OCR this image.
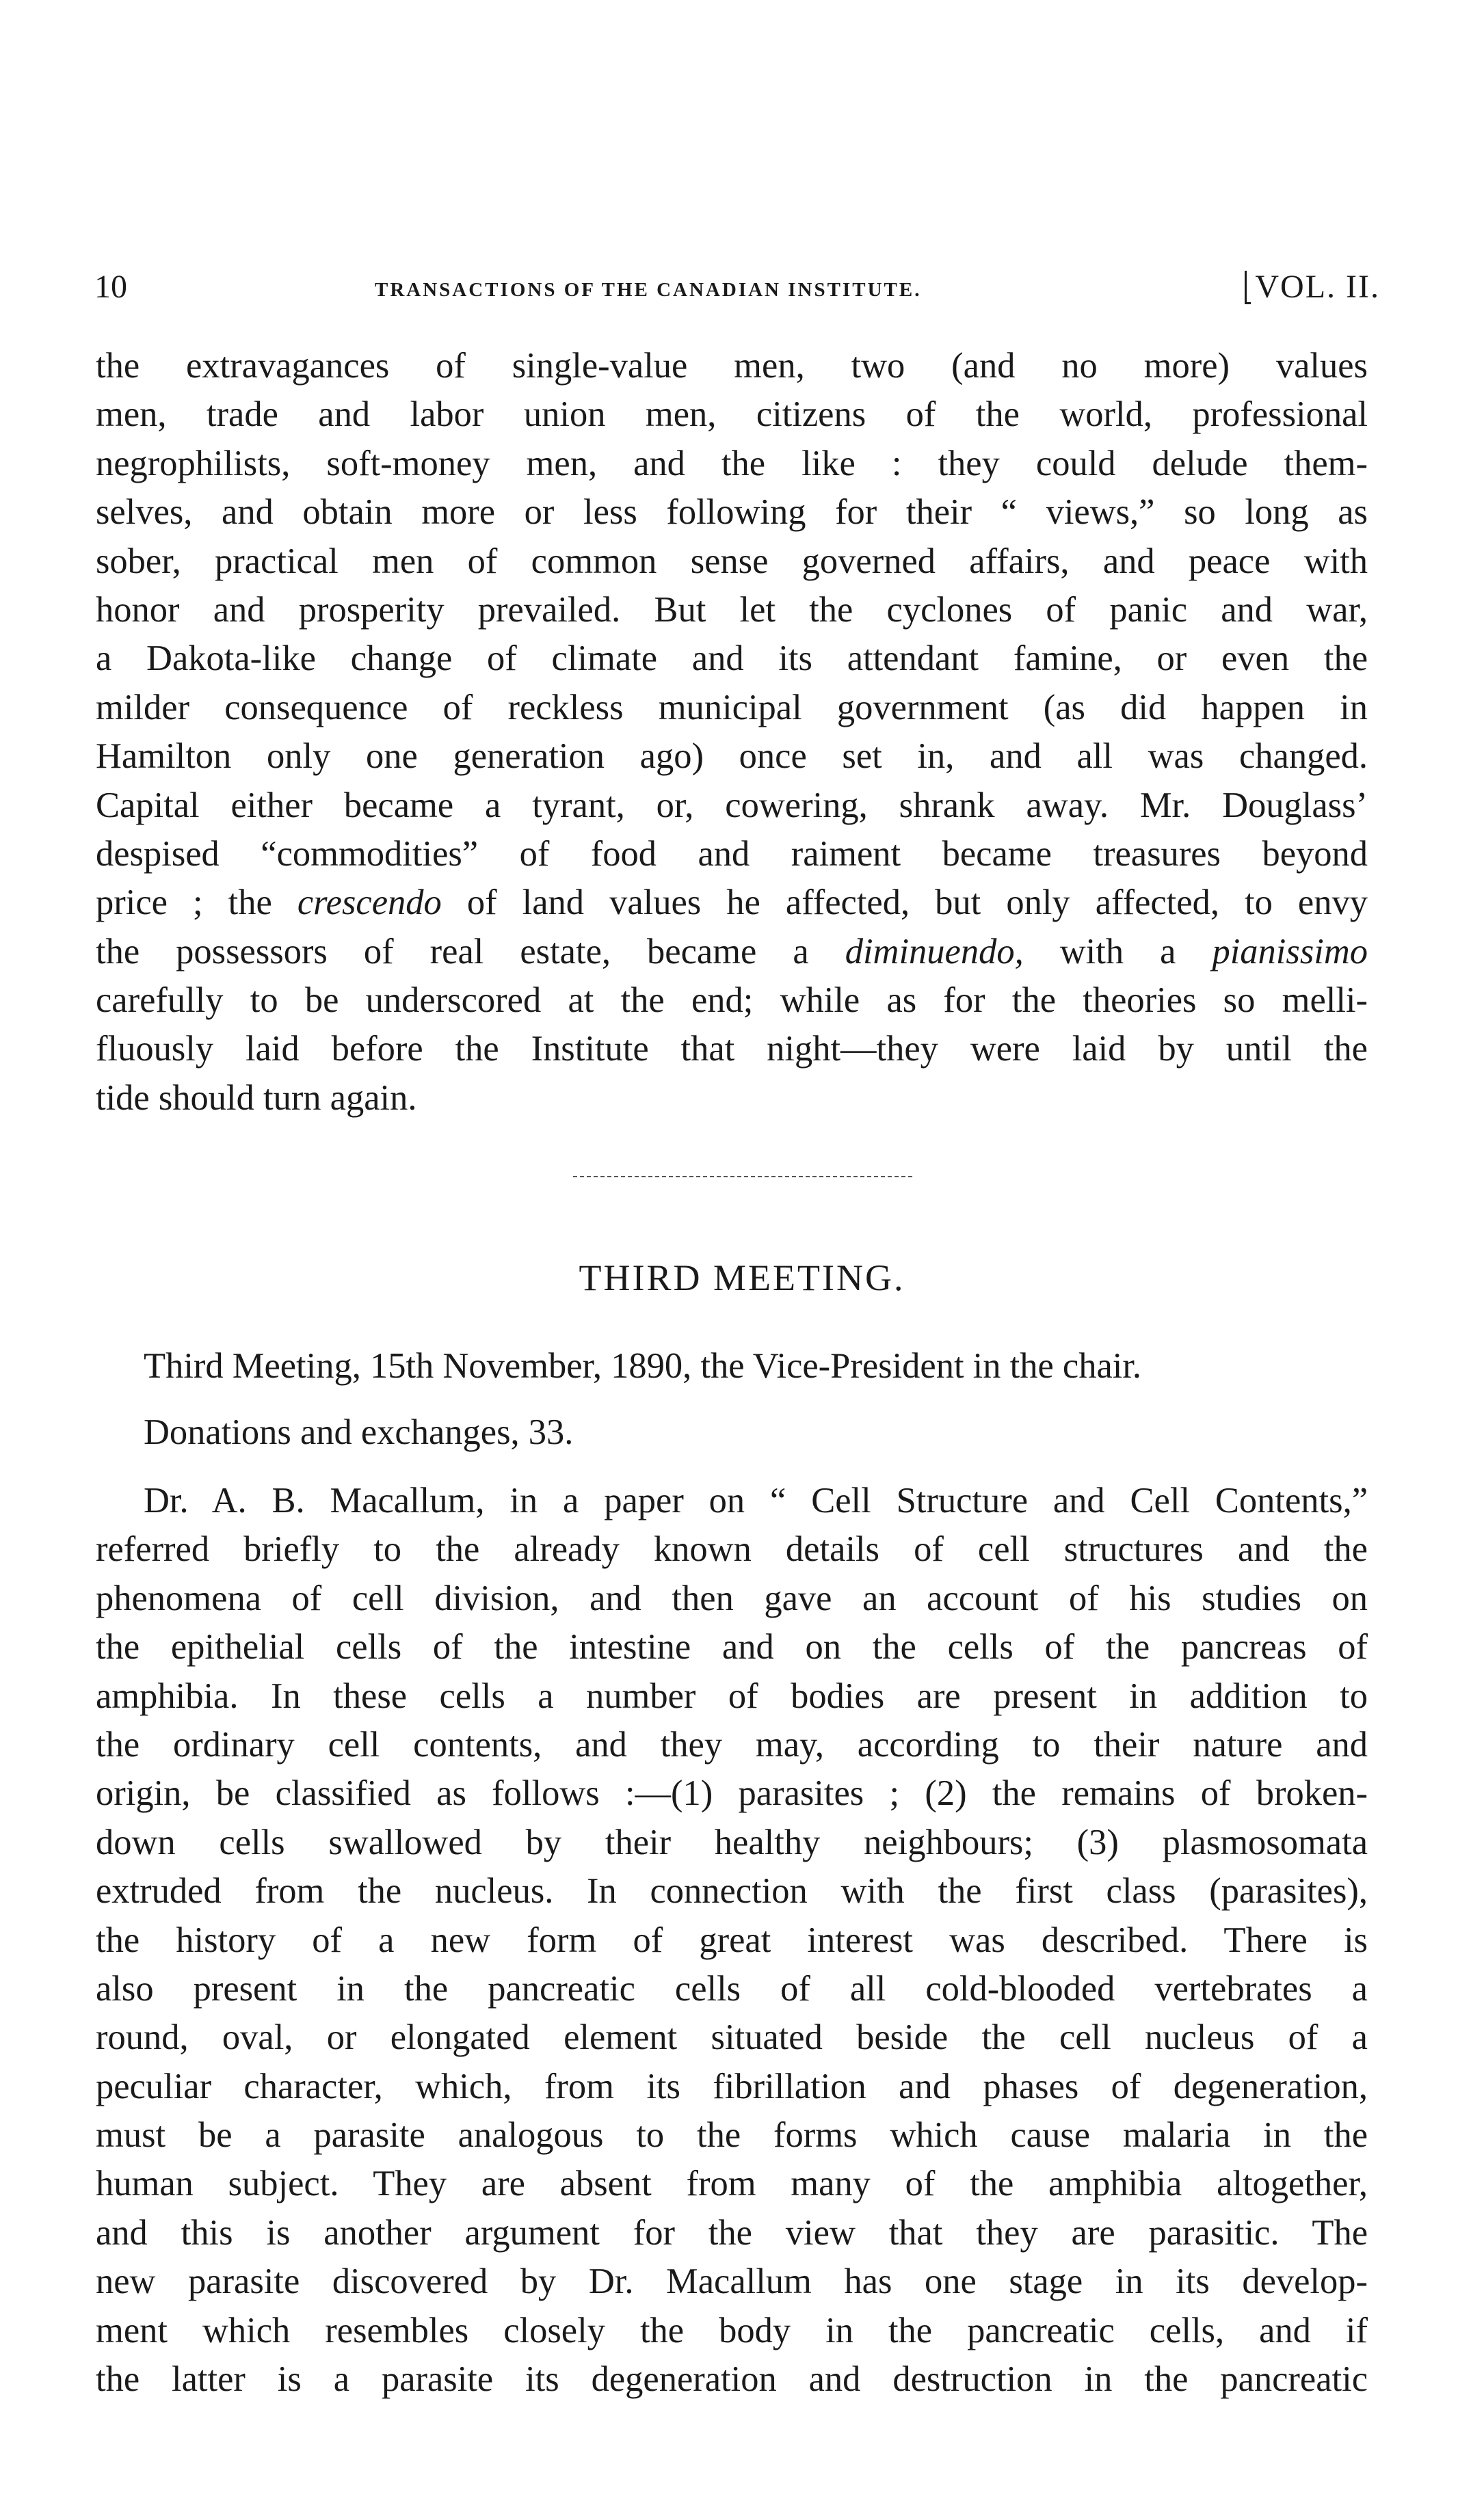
10	TRANSACTIONS OF THE CANADIAN INSTITUTE.	VOL. II.
the extravagances of single-value men, two (and no more) values
men, trade and labor union men, citizens of the world, professional
negrophilists, soft-money men, and the like : they could delude them-
selves, and obtain more or less following for their “ views,” so long as
sober, practical men of common sense governed affairs, and peace with
honor and prosperity prevailed. But let the cyclones of panic and war,
a Dakota-like change of climate and its attendant famine, or even the
milder consequence of reckless municipal government (as did happen in
Hamilton only one generation ago) once set in, and all was changed.
Capital either became a tyrant, or, cowering, shrank away. Mr. Douglass’
despised “commodities” of food and raiment became treasures beyond
price ; the crescendo of land values he affected, but only affected, to envy
the possessors of real estate, became a diminuendo, with a pianissimo
carefully to be underscored at the end; while as for the theories so melli-
fluously laid before the Institute that night—they were laid by until the
tide should turn again.
THIRD MEETING.
Third Meeting, 15th November, 1890, the Vice-President in the chair.
Donations and exchanges, 33.
Dr. A. B. Macallum, in a paper on “ Cell Structure and Cell Contents,”
referred briefly to the already known details of cell structures and the
phenomena of cell division, and then gave an account of his studies on
the epithelial cells of the intestine and on the cells of the pancreas of
amphibia. In these cells a number of bodies are present in addition to
the ordinary cell contents, and they may, according to their nature and
origin, be classified as follows :—(1) parasites ; (2) the remains of broken-
down cells swallowed by their healthy neighbours; (3) plasmosomata
extruded from the nucleus. In connection with the first class (parasites),
the history of a new form of great interest was described. There is
also present in the pancreatic cells of all cold-blooded vertebrates a
round, oval, or elongated element situated beside the cell nucleus of a
peculiar character, which, from its fibrillation and phases of degeneration,
must be a parasite analogous to the forms which cause malaria in the
human subject. They are absent from many of the amphibia altogether,
and this is another argument for the view that they are parasitic. The
new parasite discovered by Dr. Macallum has one stage in its develop-
ment which resembles closely the body in the pancreatic cells, and if
the latter is a parasite its degeneration and destruction in the pancreatic
